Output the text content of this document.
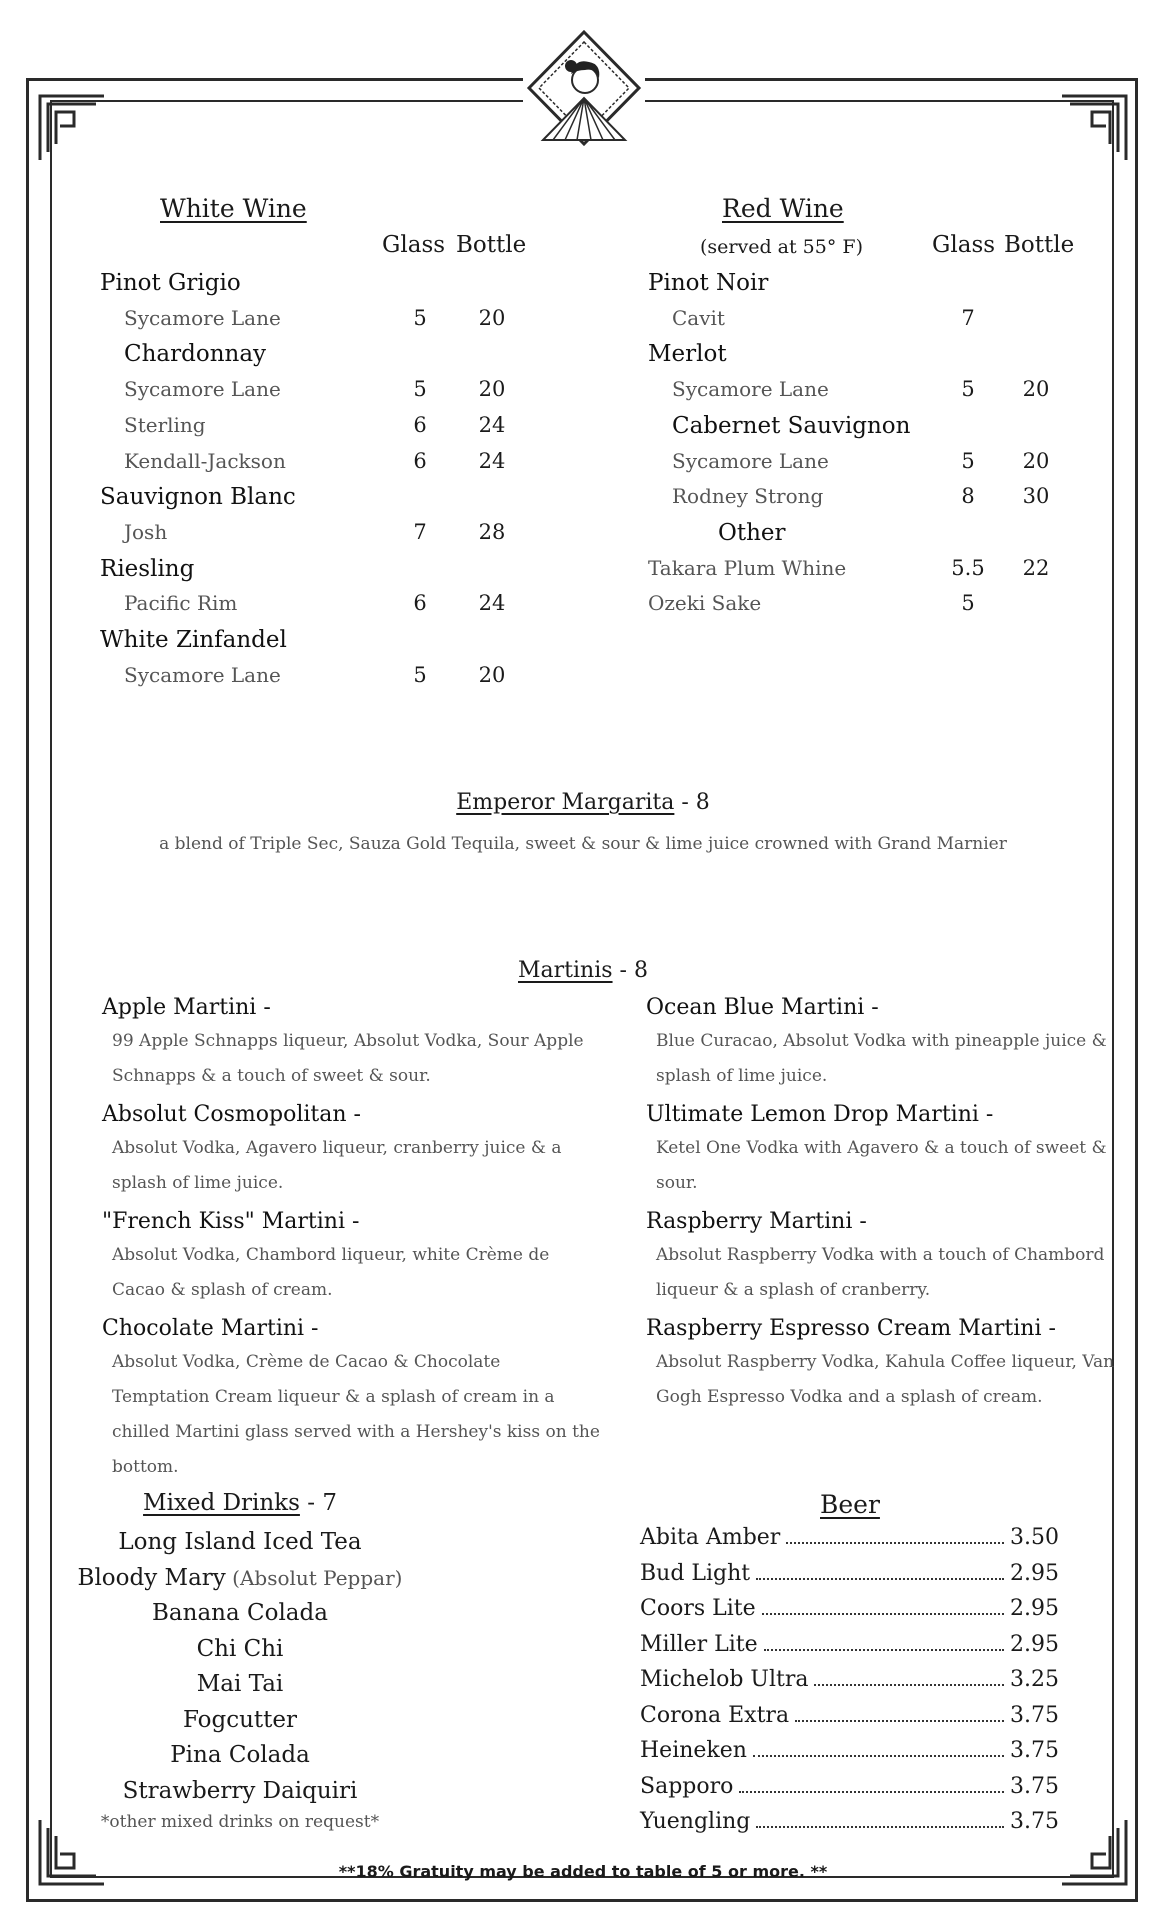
White Wine
Glass Bottle
Pinot Grigio
Sycamore Lane	5	20
Chardonnay
Sycamore Lane	5	20
Sterling	6	24
Kendall-Jackson	6	24
Sauvignon Blanc
Josh	7	28
Riesling
Pacific Rim	6	24
White Zinfandel
Sycamore Lane	5	20
Red Wine
(served at 55° F)	Glass Bottle
Pinot Noir
Cavit	7
Merlot
Sycamore Lane	5	20
Cabernet Sauvignon
Sycamore Lane	5	20
Rodney Strong	8	30
Other
Takara Plum Whine	5.5	22
Ozeki Sake	5
Emperor Margarita - 8
a blend of Triple Sec, Sauza Gold Tequila, sweet & sour & lime juice crowned with Grand Marnier
Martinis - 8
Apple Martini -
99 Apple Schnapps liqueur, Absolut Vodka, Sour Apple Schnapps & a touch of sweet & sour.
Absolut Cosmopolitan -
Absolut Vodka, Agavero liqueur, cranberry juice & a splash of lime juice.
"French Kiss" Martini -
Absolut Vodka, Chambord liqueur, white Crème de Cacao & splash of cream.
Chocolate Martini -
Absolut Vodka, Crème de Cacao & Chocolate Temptation Cream liqueur & a splash of cream in a chilled Martini glass served with a Hershey's kiss on the bottom.
Ocean Blue Martini -
Blue Curacao, Absolut Vodka with pineapple juice & splash of lime juice.
Ultimate Lemon Drop Martini -
Ketel One Vodka with Agavero & a touch of sweet & sour.
Raspberry Martini -
Absolut Raspberry Vodka with a touch of Chambord liqueur & a splash of cranberry.
Raspberry Espresso Cream Martini -
Absolut Raspberry Vodka, Kahula Coffee liqueur, Van Gogh Espresso Vodka and a splash of cream.
Mixed Drinks - 7
Long Island Iced Tea
Bloody Mary (Absolut Peppar)
Banana Colada
Chi Chi
Mai Tai
Fogcutter
Pina Colada
Strawberry Daiquiri
*other mixed drinks on request*
Beer
Abita Amber	3.50
Bud Light	2.95
Coors Lite	2.95
Miller Lite	2.95
Michelob Ultra	3.25
Corona Extra	3.75
Heineken	3.75
Sapporo	3.75
Yuengling	3.75
**18% Gratuity may be added to table of 5 or more. **
